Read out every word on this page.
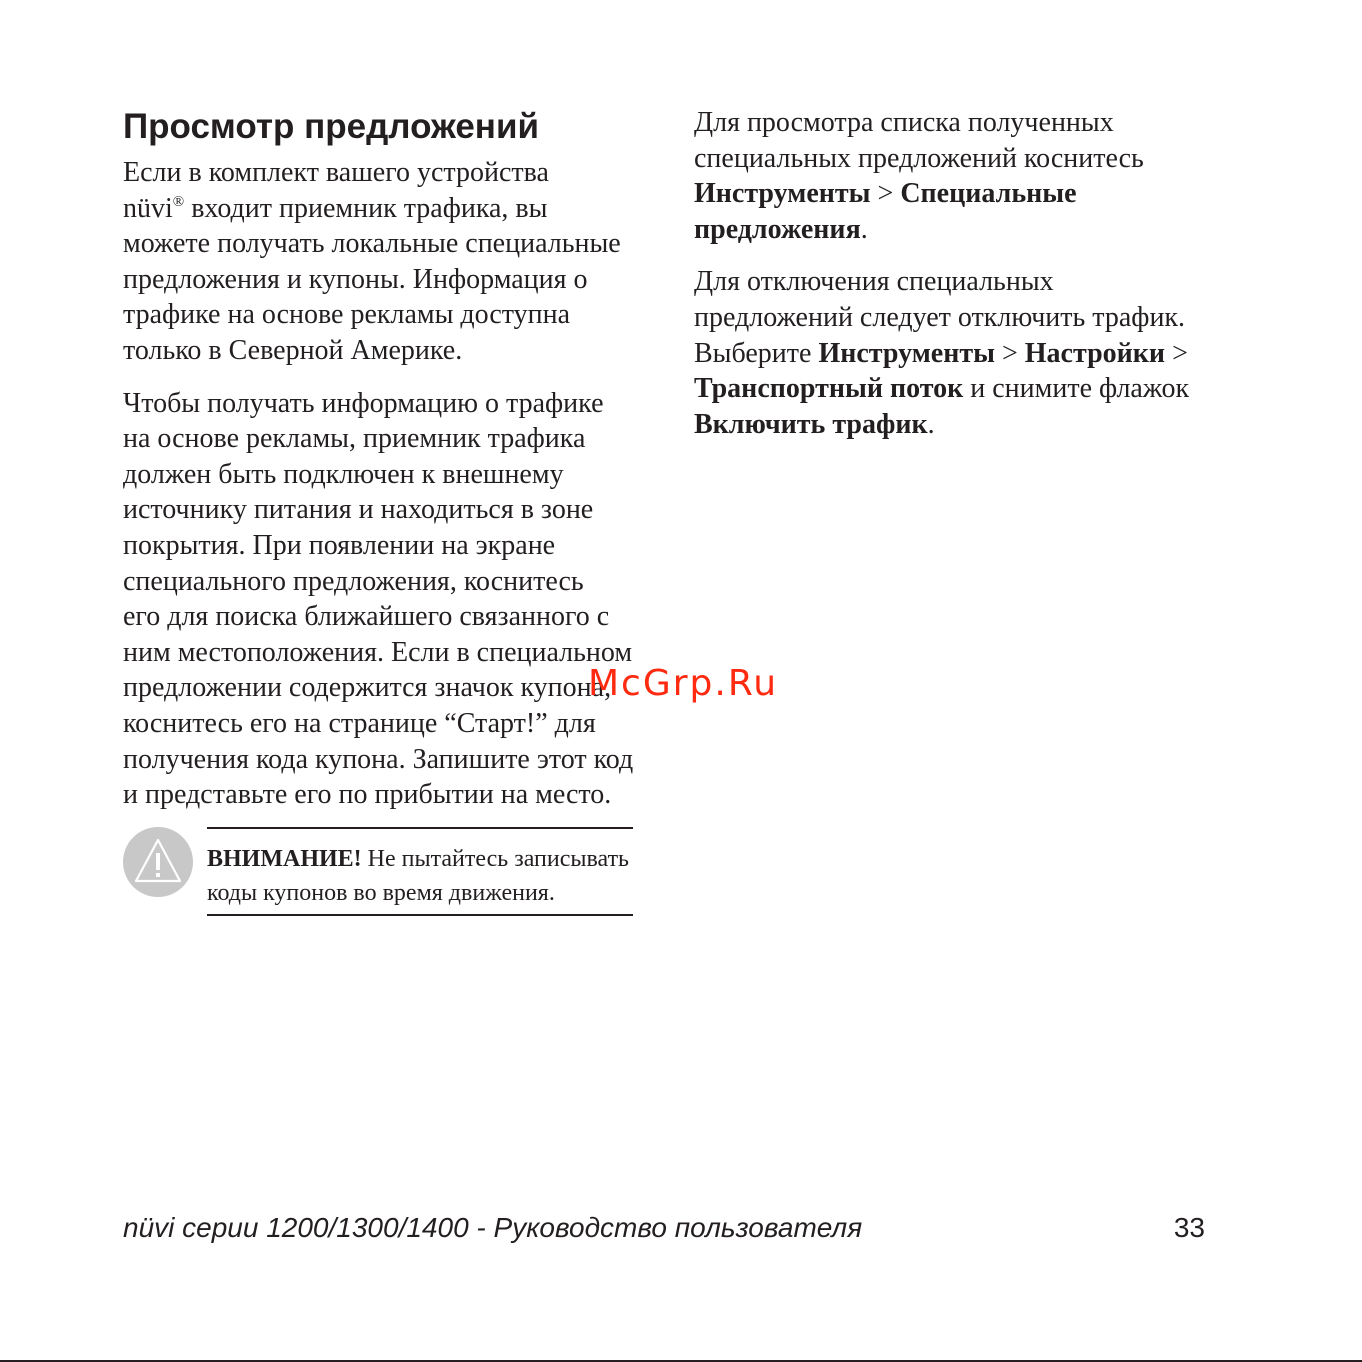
Просмотр предложений

Если в комплект вашего устройства

nüvi® входит приемник трафика, вы

можете получать локальные специальные

предложения и купоны. Информация о

трафике на основе рекламы доступна

только в Северной Америке.

Чтобы получать информацию о трафике

на основе рекламы, приемник трафика

должен быть подключен к внешнему

источнику питания и находиться в зоне

покрытия. При появлении на экране

специального предложения, коснитесь

его для поиска ближайшего связанного с

ним местоположения. Если в специальном

предложении содержится значок купона,

коснитесь его на странице “Старт!” для

получения кода купона. Запишите этот код

и представьте его по прибытии на место.

ВНИМАНИЕ! Не пытайтесь записывать
коды купонов во время движения.

Для просмотра списка полученных

специальных предложений коснитесь

Инструменты > Специальные

предложения.

Для отключения специальных

предложений следует отключить трафик.

Выберите Инструменты > Настройки >

Транспортный поток и снимите флажок

Включить трафик.

McGrp.Ru
nüvi серии 1200/1300/1400 - Руководство пользователя	33
